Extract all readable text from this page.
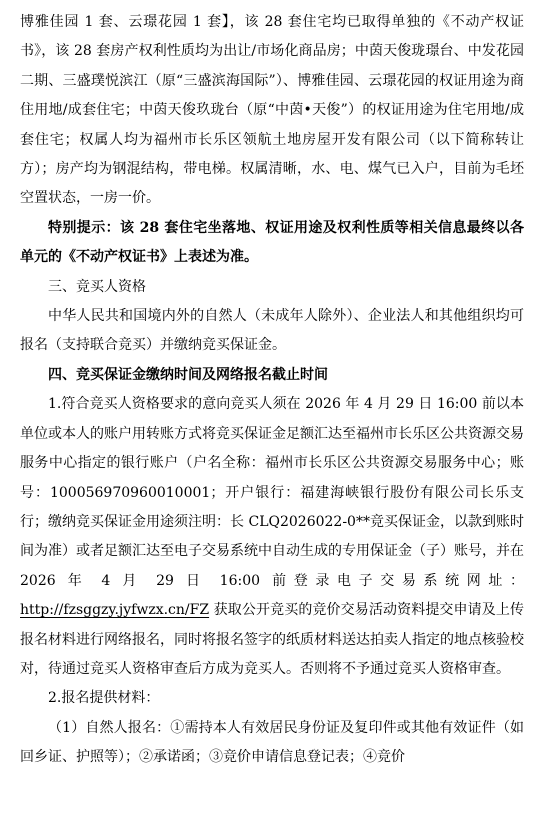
博雅佳园 1 套、云璟花园 1 套】，该 28 套住宅均已取得单独的《不动产权证书》，该 28 套房产权利性质均为出让/市场化商品房；中茵天俊珑璟台、中发花园二期、三盛璞悦滨江（原“三盛滨海国际”）、博雅佳园、云璟花园的权证用途为商住用地/成套住宅；中茵天俊玖珑台（原“中茵•天俊”）的权证用途为住宅用地/成套住宅；权属人均为福州市长乐区领航土地房屋开发有限公司（以下简称转让方）；房产均为钢混结构，带电梯。权属清晰，水、电、煤气已入户，目前为毛坯空置状态，一房一价。

特别提示：该 28 套住宅坐落地、权证用途及权利性质等相关信息最终以各单元的《不动产权证书》上表述为准。

三、竞买人资格

中华人民共和国境内外的自然人（未成年人除外）、企业法人和其他组织均可报名（支持联合竞买）并缴纳竞买保证金。

四、竞买保证金缴纳时间及网络报名截止时间

1.符合竞买人资格要求的意向竞买人须在 2026 年 4 月 29 日 16:00 前以本单位或本人的账户用转账方式将竞买保证金足额汇达至福州市长乐区公共资源交易服务中心指定的银行账户（户名全称：福州市长乐区公共资源交易服务中心；账号：100056970960010001；开户银行：福建海峡银行股份有限公司长乐支行；缴纳竞买保证金用途须注明：长 CLQ2026022-0**竞买保证金，以款到账时间为准）或者足额汇达至电子交易系统中自动生成的专用保证金（子）账号，并在 2026 年 4 月 29 日 16:00 前登录电子交易系统网址：http://fzsggzy.jyfwzx.cn/FZ 获取公开竞买的竞价交易活动资料提交申请及上传报名材料进行网络报名，同时将报名签字的纸质材料送达拍卖人指定的地点核验校对，待通过竞买人资格审查后方成为竞买人。否则将不予通过竞买人资格审查。

2.报名提供材料：

（1）自然人报名：①需持本人有效居民身份证及复印件或其他有效证件（如回乡证、护照等）；②承诺函；③竞价申请信息登记表；④竞价
